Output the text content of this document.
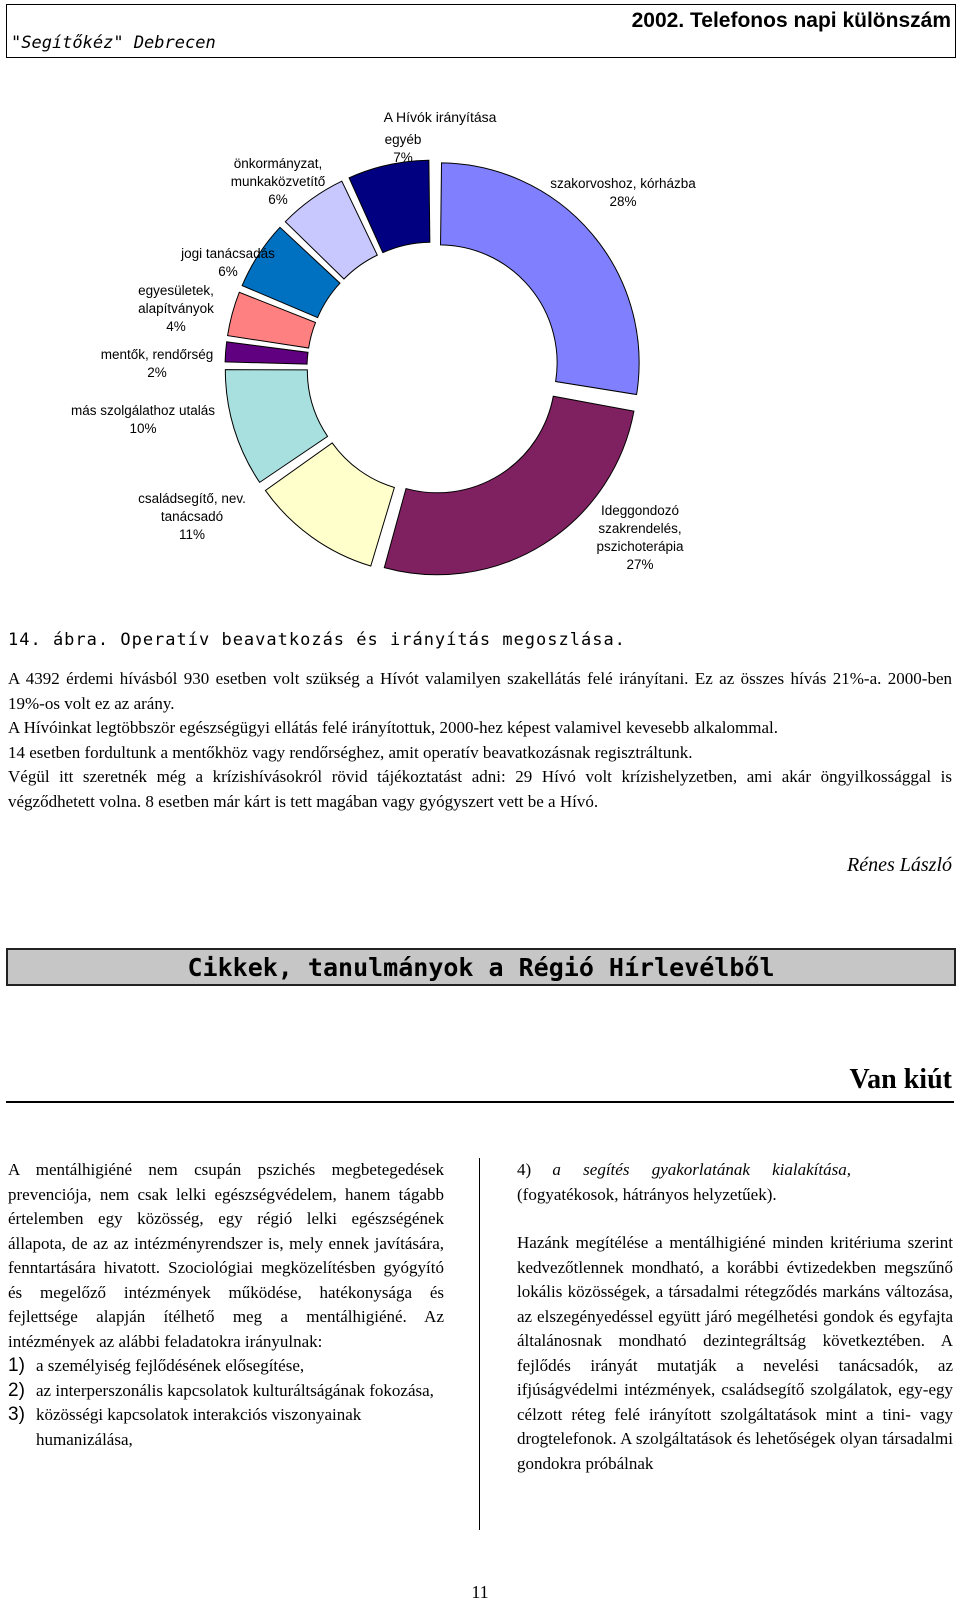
"Segítőkéz" Debrecen
2002. Telefonos napi különszám
A Hívók irányítása
szakorvoshoz, kórházba 28%
Ideggondozó szakrendelés, pszichoterápia 27%
családsegítő, nev. tanácsadó 11%
más szolgálathoz utalás 10%
mentők, rendőrség 2%
egyesületek, alapítványok 4%
jogi tanácsadás 6%
önkormányzat, munkaközvetítő 6%
egyéb 7%
14. ábra. Operatív beavatkozás és irányítás megoszlása.

A 4392 érdemi hívásból 930 esetben volt szükség a Hívót valamilyen szakellátás felé irányítani. Ez az összes hívás 21%-a. 2000-ben 19%-os volt ez az arány.

A Hívóinkat legtöbbször egészségügyi ellátás felé irányítottuk, 2000-hez képest valamivel kevesebb alkalommal.

14 esetben fordultunk a mentőkhöz vagy rendőrséghez, amit operatív beavatkozásnak regisztráltunk.

Végül itt szeretnék még a krízishívásokról rövid tájékoztatást adni: 29 Hívó volt krízishelyzetben, ami akár öngyilkossággal is végződhetett volna. 8 esetben már kárt is tett magában vagy gyógyszert vett be a Hívó.

Rénes László
Cikkek, tanulmányok a Régió Hírlevélből
Van kiút

A mentálhigiéné nem csupán pszichés megbetegedések prevenciója, nem csak lelki egészségvédelem, hanem tágabb értelemben egy közösség, egy régió lelki egészségének állapota, de az az intézményrendszer is, mely ennek javítására, fenntartására hivatott. Szociológiai megközelítésben gyógyító és megelőző intézmények működése, hatékonysága és fejlettsége alapján ítélhető meg a mentálhigiéné. Az intézmények az alábbi feladatokra irányulnak:

1) a személyiség fejlődésének elősegítése,
2) az interperszonális kapcsolatok kulturáltságának fokozása,
3) közösségi kapcsolatok interakciós viszonyainak humanizálása,

4) a segítés gyakorlatának kialakítása,

(fogyatékosok, hátrányos helyzetűek).

Hazánk megítélése a mentálhigiéné minden kritériuma szerint kedvezőtlennek mondható, a korábbi évtizedekben megszűnő lokális közösségek, a társadalmi rétegződés markáns változása, az elszegényedéssel együtt járó megélhetési gondok és egyfajta általánosnak mondható dezintegráltság következtében. A fejlődés irányát mutatják a nevelési tanácsadók, az ifjúságvédelmi intézmények, családsegítő szolgálatok, egy-egy célzott réteg felé irányított szolgáltatások mint a tini- vagy drogtelefonok. A szolgáltatások és lehetőségek olyan társadalmi gondokra próbálnak

11
